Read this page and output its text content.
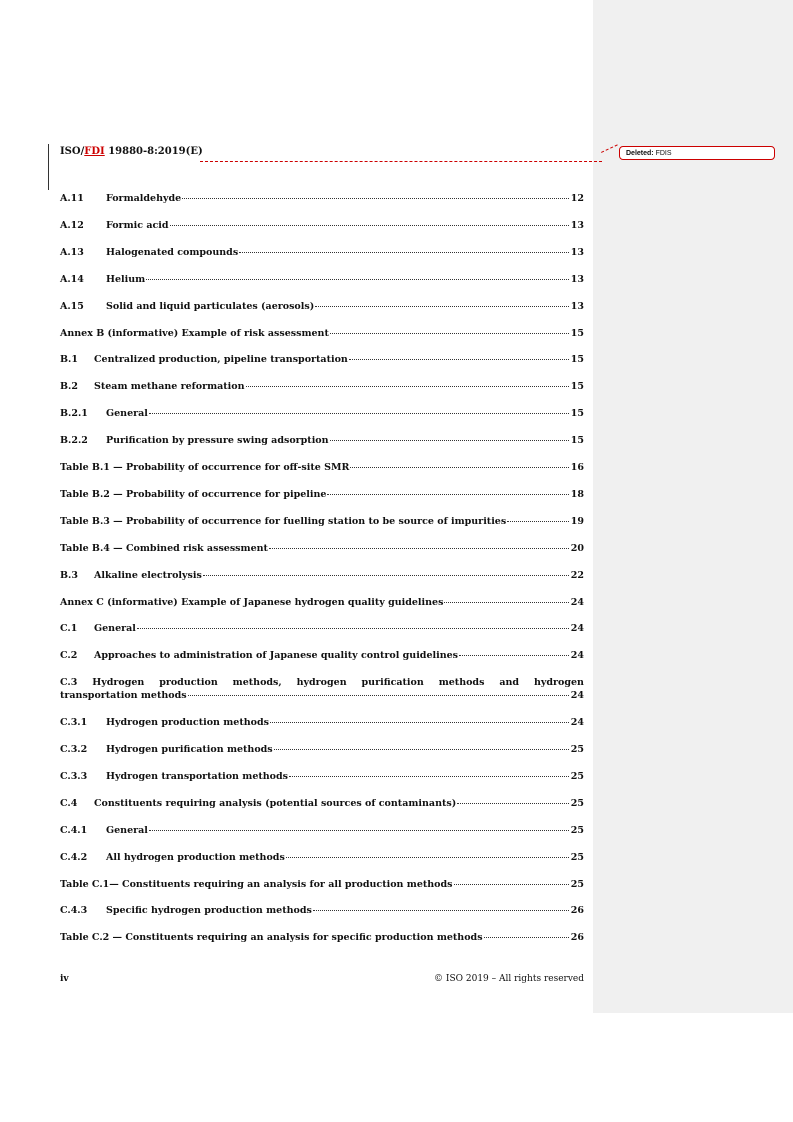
ISO/FDI 19880-8:2019(E)	Deleted: FDIS
A.11	Formaldehyde	12
A.12	Formic acid	13
A.13	Halogenated compounds	13
A.14	Helium	13
A.15	Solid and liquid particulates (aerosols)	13
Annex B (informative) Example of risk assessment	15
B.1	Centralized production, pipeline transportation	15
B.2	Steam methane reformation	15
B.2.1	General	15
B.2.2	Purification by pressure swing adsorption	15
Table B.1 — Probability of occurrence for off-site SMR	16
Table B.2 — Probability of occurrence for pipeline	18
Table B.3 — Probability of occurrence for fuelling station to be source of impurities	19
Table B.4 — Combined risk assessment	20
B.3	Alkaline electrolysis	22
Annex C (informative) Example of Japanese hydrogen quality guidelines	24
C.1	General	24
C.2	Approaches to administration of Japanese quality control guidelines	24
C.3 Hydrogen production methods, hydrogen purification methods and hydrogen
transportation methods	24
C.3.1	Hydrogen production methods	24
C.3.2	Hydrogen purification methods	25
C.3.3	Hydrogen transportation methods	25
C.4	Constituents requiring analysis (potential sources of contaminants)	25
C.4.1	General	25
C.4.2	All hydrogen production methods	25
Table C.1— Constituents requiring an analysis for all production methods	25
C.4.3	Specific hydrogen production methods	26
Table C.2 — Constituents requiring an analysis for specific production methods	26
iv	© ISO 2019 – All rights reserved
